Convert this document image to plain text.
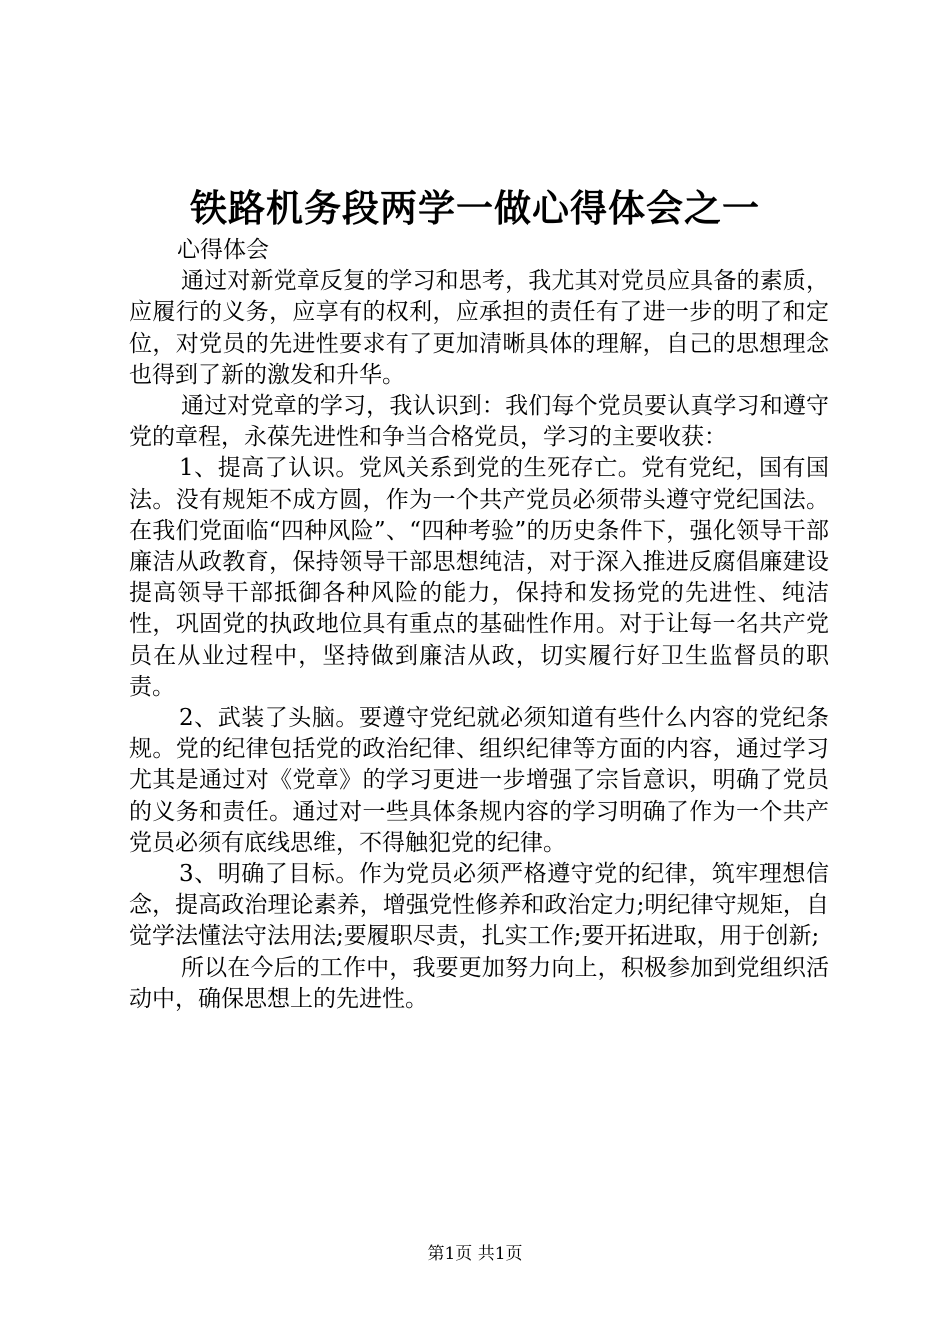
铁路机务段两学一做心得体会之一

心得体会

通过对新党章反复的学习和思考，我尤其对党员应具备的素质，应履行的义务，应享有的权利，应承担的责任有了进一步的明了和定位，对党员的先进性要求有了更加清晰具体的理解，自己的思想理念也得到了新的激发和升华。

通过对党章的学习，我认识到：我们每个党员要认真学习和遵守党的章程，永葆先进性和争当合格党员，学习的主要收获：

1、提高了认识。党风关系到党的生死存亡。党有党纪，国有国法。没有规矩不成方圆，作为一个共产党员必须带头遵守党纪国法。在我们党面临“四种风险”、“四种考验”的历史条件下，强化领导干部廉洁从政教育，保持领导干部思想纯洁，对于深入推进反腐倡廉建设提高领导干部抵御各种风险的能力，保持和发扬党的先进性、纯洁性，巩固党的执政地位具有重点的基础性作用。对于让每一名共产党员在从业过程中，坚持做到廉洁从政，切实履行好卫生监督员的职责。

2、武装了头脑。要遵守党纪就必须知道有些什么内容的党纪条规。党的纪律包括党的政治纪律、组织纪律等方面的内容，通过学习尤其是通过对《党章》的学习更进一步增强了宗旨意识，明确了党员的义务和责任。通过对一些具体条规内容的学习明确了作为一个共产党员必须有底线思维，不得触犯党的纪律。

3、明确了目标。作为党员必须严格遵守党的纪律，筑牢理想信念，提高政治理论素养，增强党性修养和政治定力;明纪律守规矩，自觉学法懂法守法用法;要履职尽责，扎实工作;要开拓进取，用于创新;

所以在今后的工作中，我要更加努力向上，积极参加到党组织活动中，确保思想上的先进性。

第1页 共1页
